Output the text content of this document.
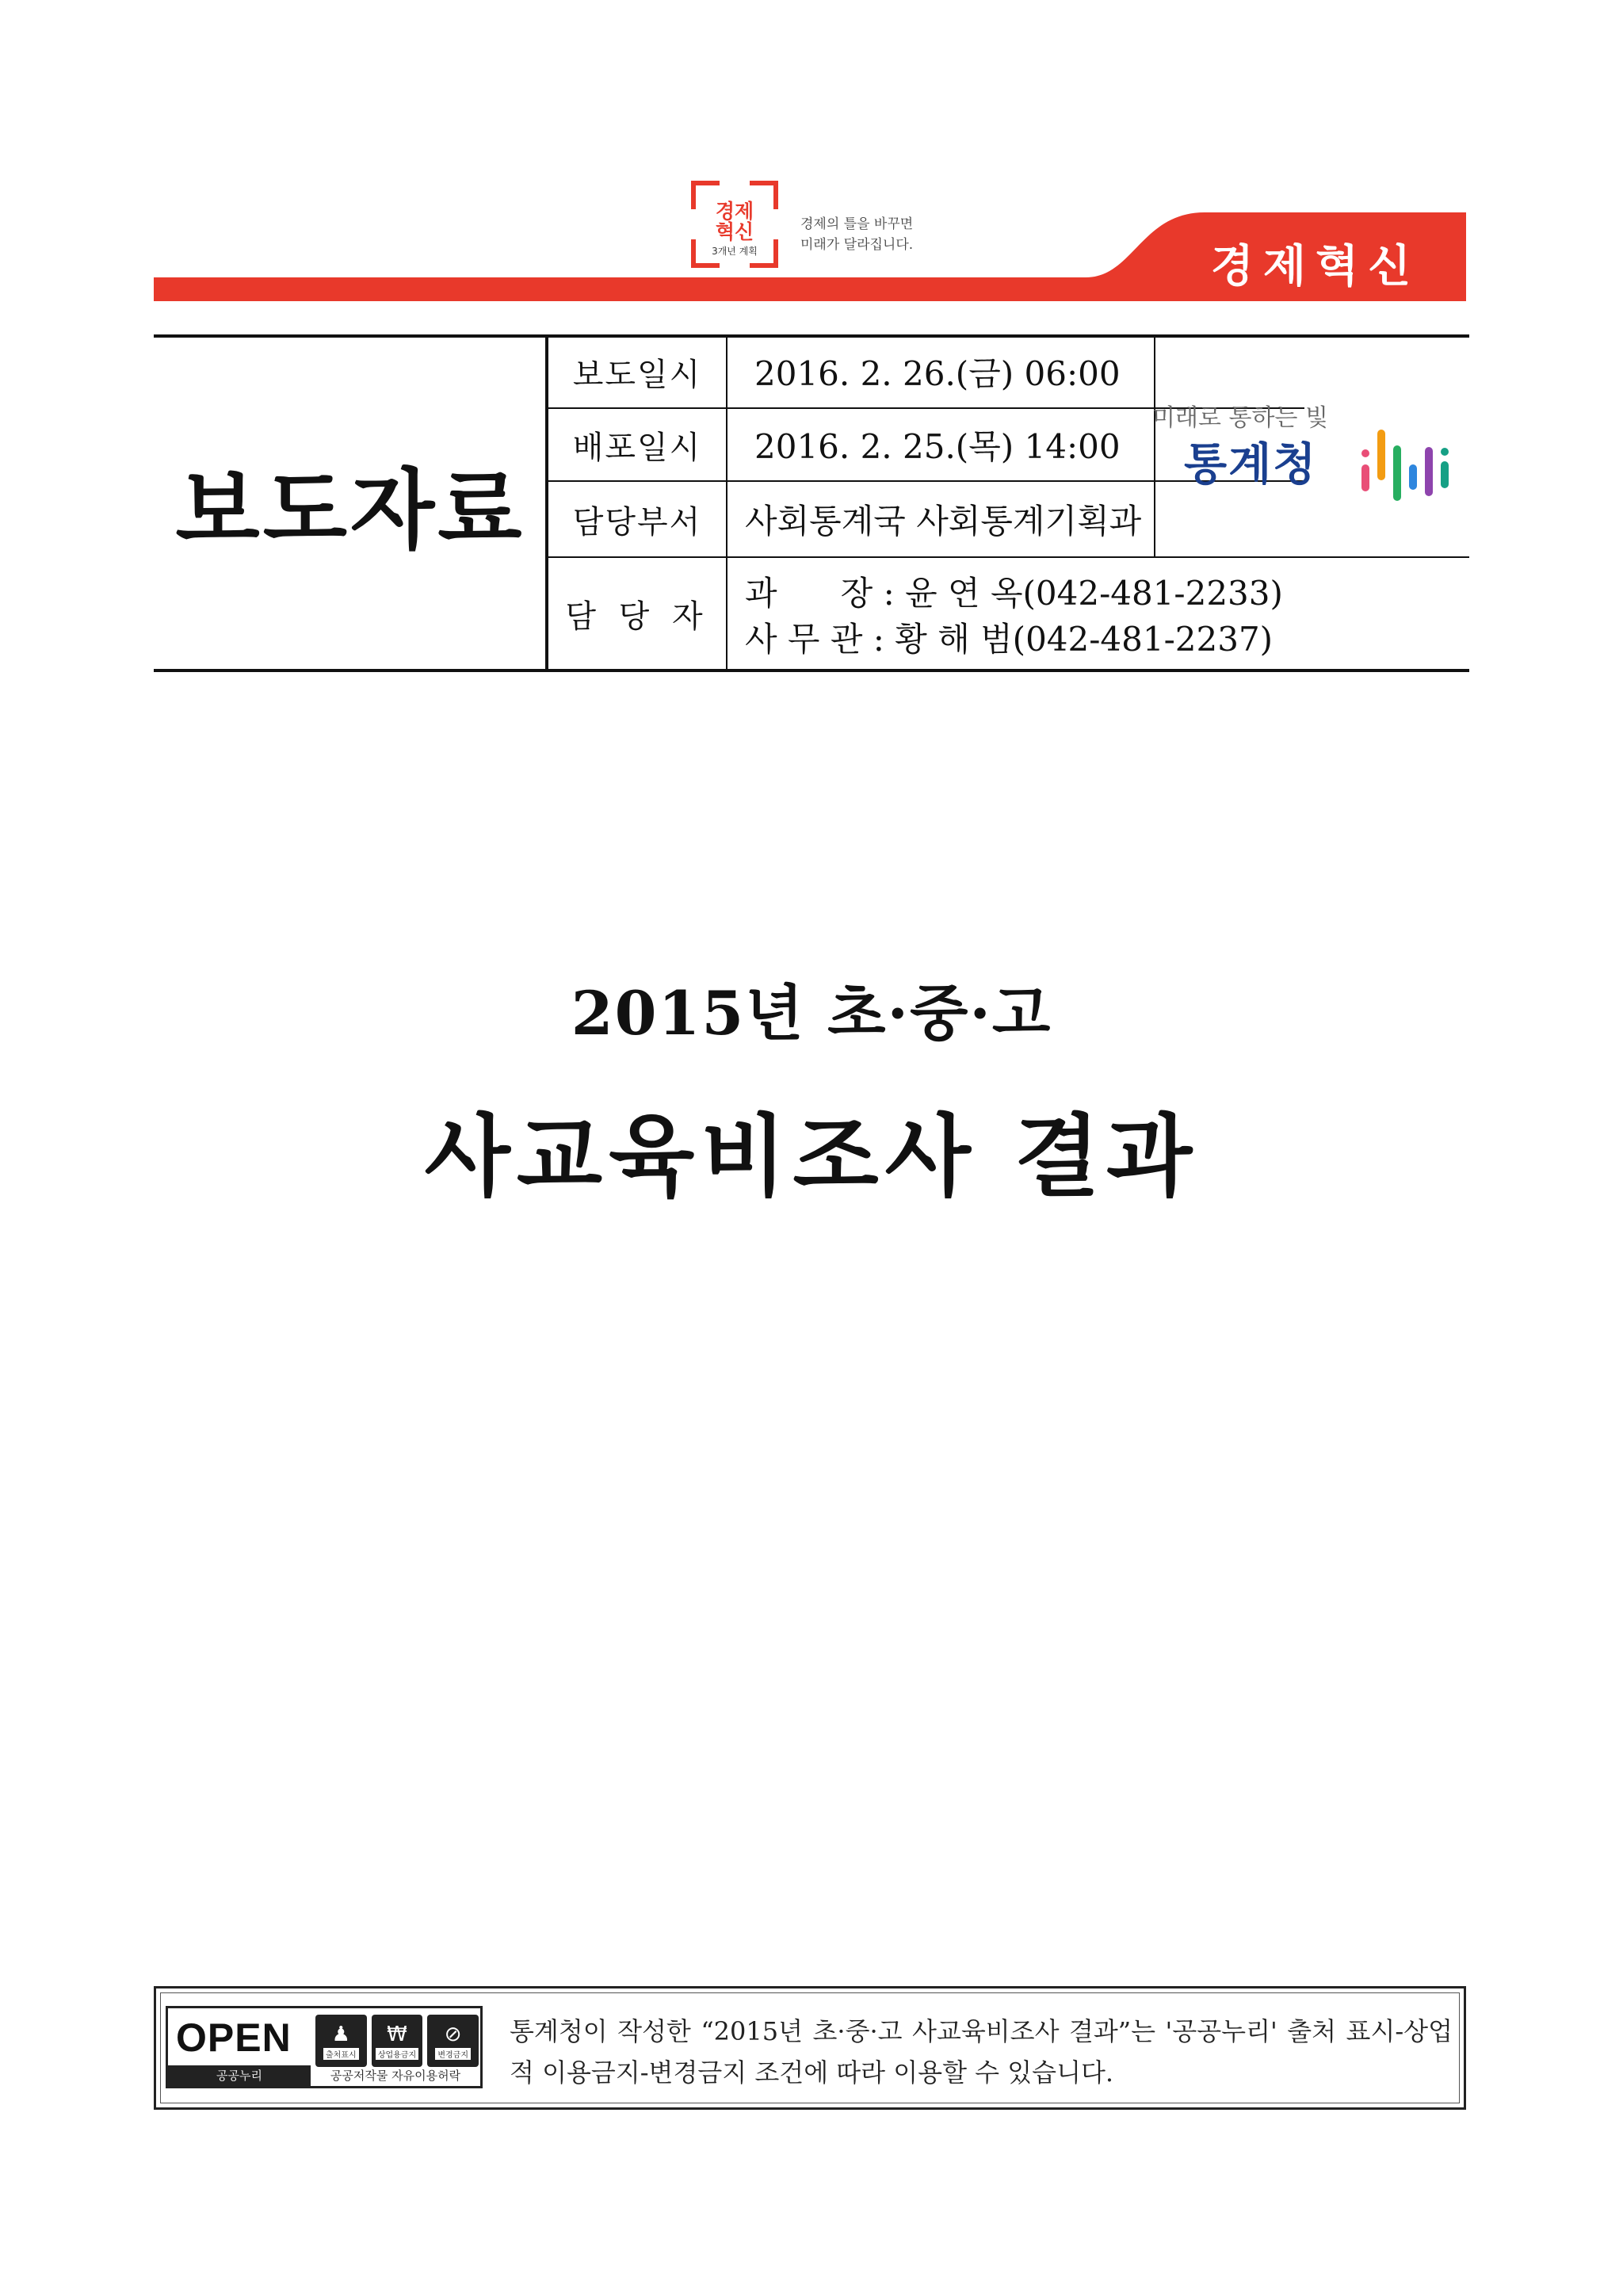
경제
혁신
3개년 계획
경제의 틀을 바꾸면
미래가 달라집니다.	경제혁신
보도자료
보도일시	2016. 2. 26.(금) 06:00
배포일시	2016. 2. 25.(목) 14:00
담당부서	사회통계국 사회통계기획과
담 당 자
과      장 : 윤 연 옥(042-481-2233)
사 무 관 : 황 해 범(042-481-2237)
미래로 통하는 빛
통계청
2015년 초·중·고
사교육비조사 결과
OPEN ♟
출처표시
₩
상업용금지
⊘
변경금지
공공누리	공공저작물 자유이용허락
통계청이 작성한 “2015년 초·중·고 사교육비조사 결과”는 '공공누리' 출처 표시-상업적 이용금지-변경금지 조건에 따라 이용할 수 있습니다.
